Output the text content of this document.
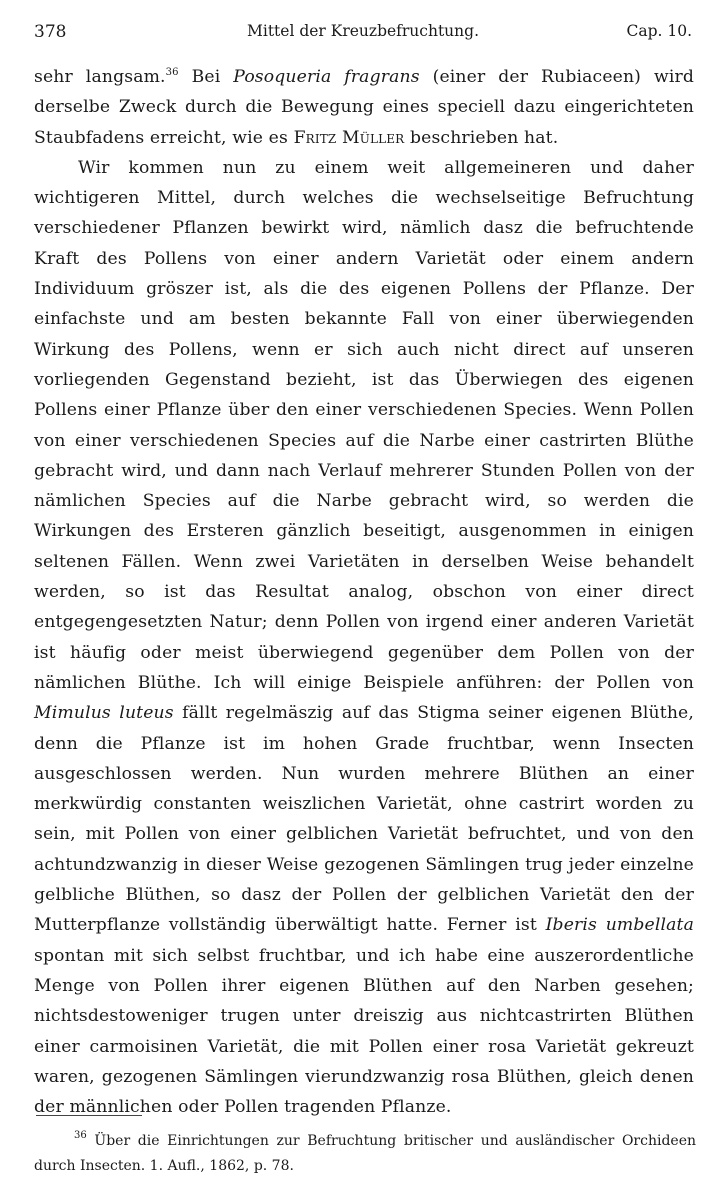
378	Mittel der Kreuzbefruchtung.	Cap. 10.

sehr langsam.$^{36}$ Bei Posoqueria fragrans (einer der Rubiaceen) wird derselbe Zweck durch die Bewegung eines speciell dazu eingerichteten Staubfadens erreicht, wie es Fritz Müller beschrieben hat.

Wir kommen nun zu einem weit allgemeineren und daher wichtigeren Mittel, durch welches die wechselseitige Befruchtung verschiedener Pflanzen bewirkt wird, nämlich dasz die befruchtende Kraft des Pollens von einer andern Varietät oder einem andern Individuum gröszer ist, als die des eigenen Pollens der Pflanze. Der einfachste und am besten bekannte Fall von einer überwiegenden Wirkung des Pollens, wenn er sich auch nicht direct auf unseren vorliegenden Gegenstand bezieht, ist das Überwiegen des eigenen Pollens einer Pflanze über den einer verschiedenen Species. Wenn Pollen von einer verschiedenen Species auf die Narbe einer castrirten Blüthe gebracht wird, und dann nach Verlauf mehrerer Stunden Pollen von der nämlichen Species auf die Narbe gebracht wird, so werden die Wirkungen des Ersteren gänzlich beseitigt, ausgenommen in einigen seltenen Fällen. Wenn zwei Varietäten in derselben Weise behandelt werden, so ist das Resultat analog, obschon von einer direct entgegengesetzten Natur; denn Pollen von irgend einer anderen Varietät ist häufig oder meist überwiegend gegenüber dem Pollen von der nämlichen Blüthe. Ich will einige Beispiele anführen: der Pollen von Mimulus luteus fällt regelmäszig auf das Stigma seiner eigenen Blüthe, denn die Pflanze ist im hohen Grade fruchtbar, wenn Insecten ausgeschlossen werden. Nun wurden mehrere Blüthen an einer merkwürdig constanten weiszlichen Varietät, ohne castrirt worden zu sein, mit Pollen von einer gelblichen Varietät befruchtet, und von den achtundzwanzig in dieser Weise gezogenen Sämlingen trug jeder einzelne gelbliche Blüthen, so dasz der Pollen der gelblichen Varietät den der Mutterpflanze vollständig überwältigt hatte. Ferner ist Iberis umbellata spontan mit sich selbst fruchtbar, und ich habe eine auszerordentliche Menge von Pollen ihrer eigenen Blüthen auf den Narben gesehen; nichtsdestoweniger trugen unter dreiszig aus nichtcastrirten Blüthen einer carmoisinen Varietät, die mit Pollen einer rosa Varietät gekreuzt waren, gezogenen Sämlingen vierundzwanzig rosa Blüthen, gleich denen der männlichen oder Pollen tragenden Pflanze.

$^{36}$ Über die Einrichtungen zur Befruchtung britischer und ausländischer Orchideen durch Insecten. 1. Aufl., 1862, p. 78.
